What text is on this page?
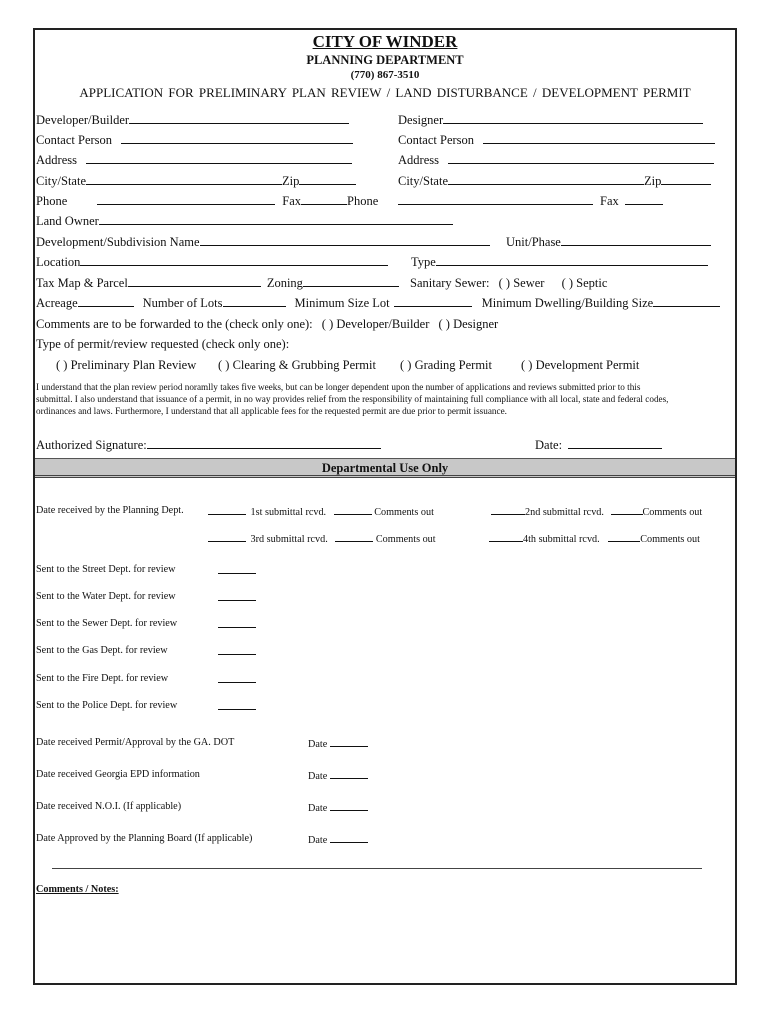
CITY OF WINDER
PLANNING DEPARTMENT
(770) 867-3510
APPLICATION FOR PRELIMINARY PLAN REVIEW / LAND DISTURBANCE / DEVELOPMENT PERMIT
Developer/Builder	Designer
Contact Person	Contact Person
Address	Address
City/State	Zip	City/State	Zip
Phone	Fax	Phone	Fax
Land Owner
Development/Subdivision Name	Unit/Phase
Location	Type
Tax Map & Parcel	Zoning	Sanitary Sewer: ( ) Sewer ( ) Septic
Acreage	Number of Lots	Minimum Size Lot	Minimum Dwelling/Building Size
Comments are to be forwarded to the (check only one): ( ) Developer/Builder ( ) Designer
Type of permit/review requested (check only one):
( ) Preliminary Plan Review ( ) Clearing & Grubbing Permit ( ) Grading Permit ( ) Development Permit
I understand that the plan review period noramlly takes five weeks, but can be longer dependent upon the number of applications and reviews submitted prior to this
submittal. I also understand that issuance of a permit, in no way provides relief from the responsibility of maintaining full compliance with all local, state and federal codes,
ordinances and laws. Furthermore, I understand that all applicable fees for the requested permit are due prior to permit issuance.
Authorized Signature:	Date:
Departmental Use Only
Date received by the Planning Dept.	1st submittal rcvd.	Comments out	2nd submittal rcvd.	Comments out
3rd submittal rcvd.	Comments out	4th submittal rcvd.	Comments out
Sent to the Street Dept. for review
Sent to the Water Dept. for review
Sent to the Sewer Dept. for review
Sent to the Gas Dept. for review
Sent to the Fire Dept. for review
Sent to the Police Dept. for review
Date received Permit/Approval by the GA. DOT	Date
Date received Georgia EPD information	Date
Date received N.O.I. (If applicable)	Date
Date Approved by the Planning Board (If applicable)	Date
Comments / Notes:
